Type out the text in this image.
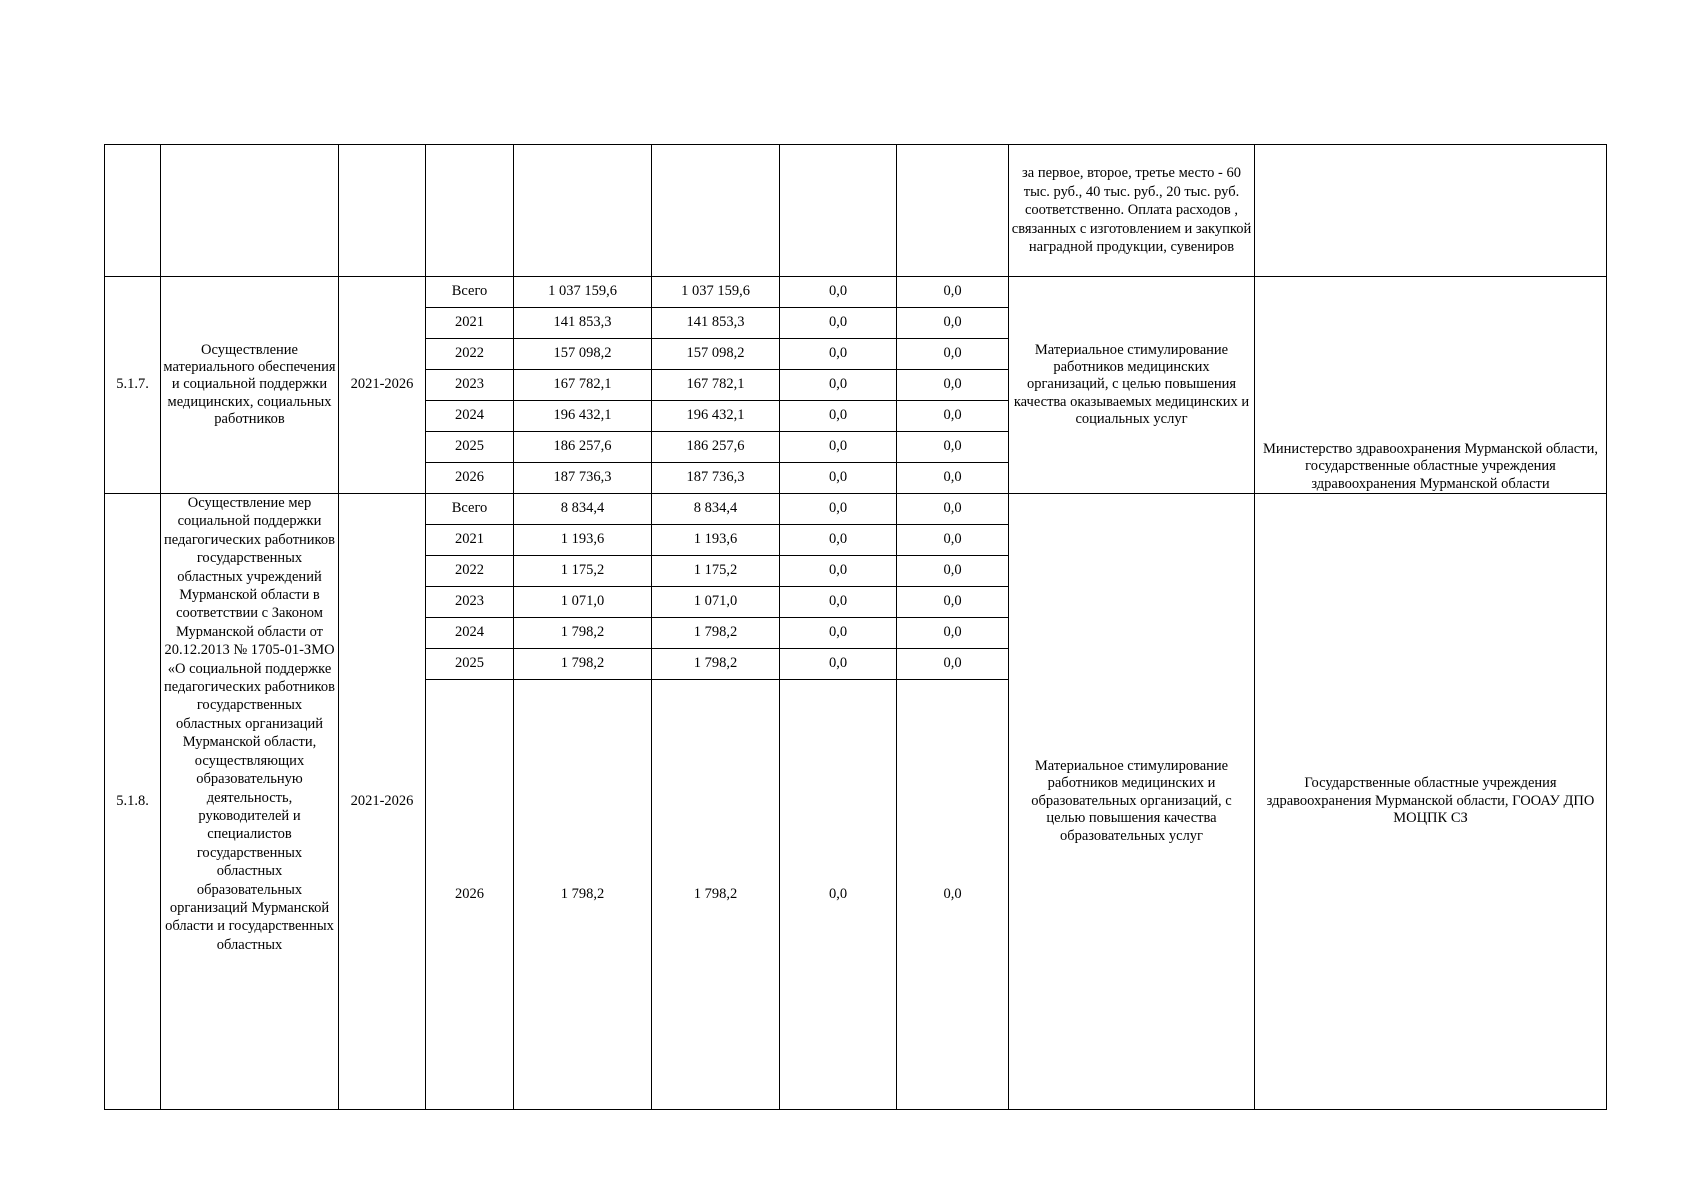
								за первое, второе, третье место - 60 тыс. руб., 40 тыс. руб., 20 тыс. руб. соответственно. Оплата расходов , связанных с изготовлением и закупкой наградной продукции, сувениров	
5.1.7.	Осуществление материального обеспечения и социальной поддержки медицинских, социальных работников	2021-2026	Всего	1 037 159,6	1 037 159,6	0,0	0,0	Материальное стимулирование работников медицинских организаций, с целью повышения качества оказываемых медицинских и социальных услуг	Министерство здравоохранения Мурманской области, государственные областные учреждения здравоохранения Мурманской области
			2021	141 853,3	141 853,3	0,0	0,0		
			2022	157 098,2	157 098,2	0,0	0,0		
			2023	167 782,1	167 782,1	0,0	0,0		
			2024	196 432,1	196 432,1	0,0	0,0		
			2025	186 257,6	186 257,6	0,0	0,0		
			2026	187 736,3	187 736,3	0,0	0,0		
5.1.8.	Осуществление мер социальной поддержки педагогических работников государственных областных учреждений Мурманской области в соответствии с Законом Мурманской области от 20.12.2013 № 1705-01-ЗМО «О социальной поддержке педагогических работников государственных областных организаций Мурманской области, осуществляющих образовательную деятельность, руководителей и специалистов государственных областных образовательных организаций Мурманской области и государственных областных	2021-2026	Всего	8 834,4	8 834,4	0,0	0,0	Материальное стимулирование работников медицинских и образовательных организаций, с целью повышения качества образовательных услуг	Государственные областные учреждения здравоохранения Мурманской области, ГООАУ ДПО МОЦПК СЗ
			2021	1 193,6	1 193,6	0,0	0,0		
			2022	1 175,2	1 175,2	0,0	0,0		
			2023	1 071,0	1 071,0	0,0	0,0		
			2024	1 798,2	1 798,2	0,0	0,0		
			2025	1 798,2	1 798,2	0,0	0,0		
			2026	1 798,2	1 798,2	0,0	0,0		
